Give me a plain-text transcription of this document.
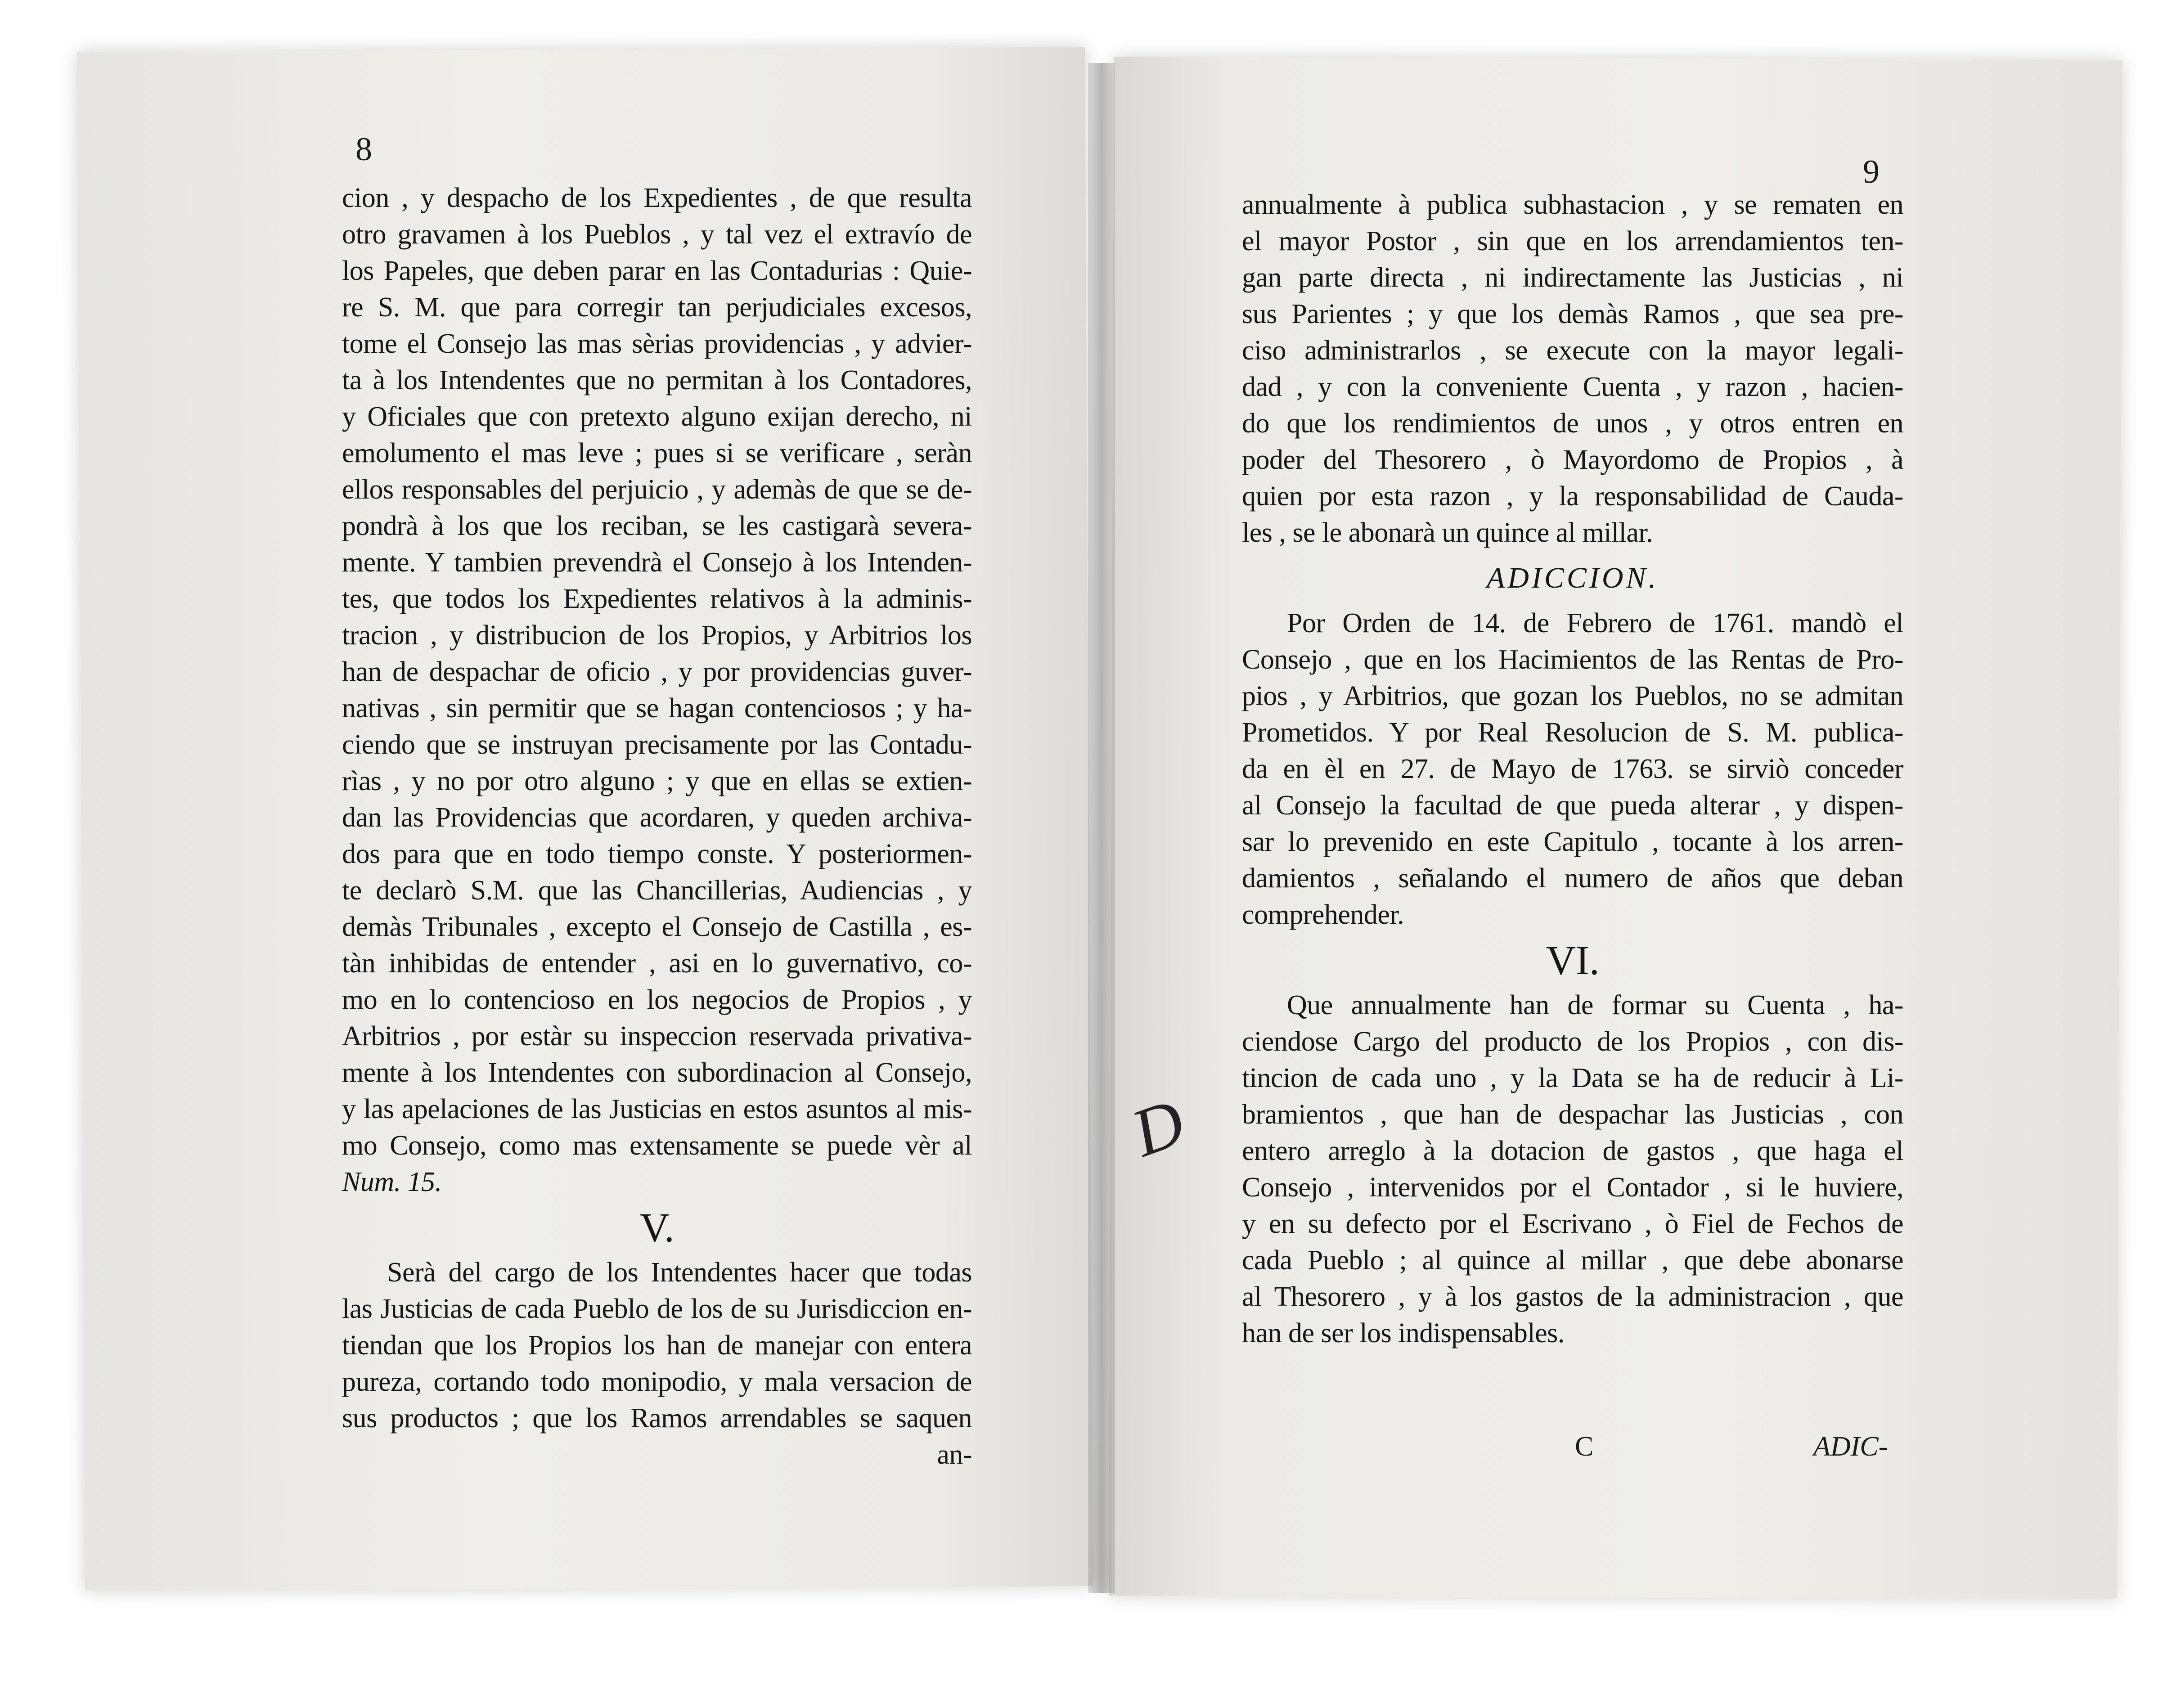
8
9
cion , y despacho de los Expedientes , de que resulta
otro gravamen à los Pueblos , y tal vez el extravío de
los Papeles, que deben parar en las Contadurias : Quie-
re S. M. que para corregir tan perjudiciales excesos,
tome el Consejo las mas sèrias providencias , y advier-
ta à los Intendentes que no permitan à los Contadores,
y Oficiales que con pretexto alguno exijan derecho, ni
emolumento el mas leve ; pues si se verificare , seràn
ellos responsables del perjuicio , y ademàs de que se de-
pondrà à los que los reciban, se les castigarà severa-
mente. Y tambien prevendrà el Consejo à los Intenden-
tes, que todos los Expedientes relativos à la adminis-
tracion , y distribucion de los Propios, y Arbitrios los
han de despachar de oficio , y por providencias guver-
nativas , sin permitir que se hagan contenciosos ; y ha-
ciendo que se instruyan precisamente por las Contadu-
rìas , y no por otro alguno ; y que en ellas se extien-
dan las Providencias que acordaren, y queden archiva-
dos para que en todo tiempo conste. Y posteriormen-
te declarò S.M. que las Chancillerias, Audiencias , y
demàs Tribunales , excepto el Consejo de Castilla , es-
tàn inhibidas de entender , asi en lo guvernativo, co-
mo en lo contencioso en los negocios de Propios , y
Arbitrios , por estàr su inspeccion reservada privativa-
mente à los Intendentes con subordinacion al Consejo,
y las apelaciones de las Justicias en estos asuntos al mis-
mo Consejo, como mas extensamente se puede vèr al
Num. 15.
V.
Serà del cargo de los Intendentes hacer que todas
las Justicias de cada Pueblo de los de su Jurisdiccion en-
tiendan que los Propios los han de manejar con entera
pureza, cortando todo monipodio, y mala versacion de
sus productos ; que los Ramos arrendables se saquen
an-
annualmente à publica subhastacion , y se rematen en
el mayor Postor , sin que en los arrendamientos ten-
gan parte directa , ni indirectamente las Justicias , ni
sus Parientes ; y que los demàs Ramos , que sea pre-
ciso administrarlos , se execute con la mayor legali-
dad , y con la conveniente Cuenta , y razon , hacien-
do que los rendimientos de unos , y otros entren en
poder del Thesorero , ò Mayordomo de Propios , à
quien por esta razon , y la responsabilidad de Cauda-
les , se le abonarà un quince al millar.
ADICCION.
Por Orden de 14. de Febrero de 1761. mandò el
Consejo , que en los Hacimientos de las Rentas de Pro-
pios , y Arbitrios, que gozan los Pueblos, no se admitan
Prometidos. Y por Real Resolucion de S. M. publica-
da en èl en 27. de Mayo de 1763. se sirviò conceder
al Consejo la facultad de que pueda alterar , y dispen-
sar lo prevenido en este Capitulo , tocante à los arren-
damientos , señalando el numero de años que deban
comprehender.
VI.
Que annualmente han de formar su Cuenta , ha-
ciendose Cargo del producto de los Propios , con dis-
tincion de cada uno , y la Data se ha de reducir à Li-
bramientos , que han de despachar las Justicias , con
entero arreglo à la dotacion de gastos , que haga el
Consejo , intervenidos por el Contador , si le huviere,
y en su defecto por el Escrivano , ò Fiel de Fechos de
cada Pueblo ; al quince al millar , que debe abonarse
al Thesorero , y à los gastos de la administracion , que
han de ser los indispensables.
C	ADIC-
D
